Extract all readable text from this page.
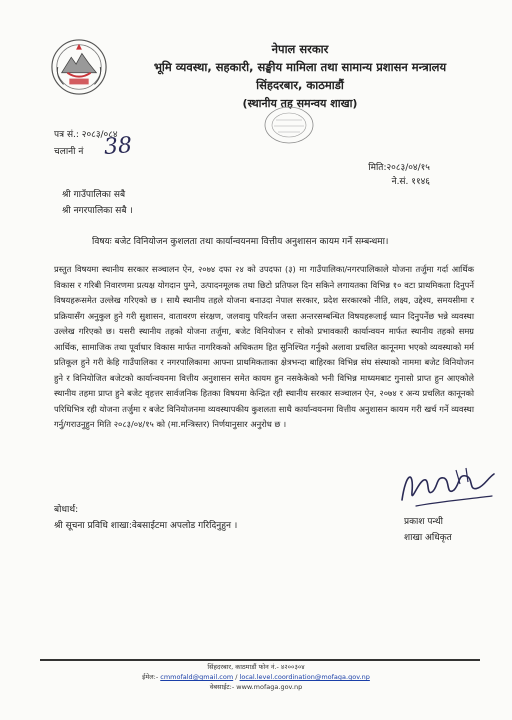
नेपाल सरकार
भूमि व्यवस्था, सहकारी, सङ्घीय मामिला तथा सामान्य प्रशासन मन्त्रालय
सिंहदरबार, काठमाडौं
(स्थानीय तह समन्वय शाखा)
पत्र सं.: २०८३/०८४
चलानी नं 38
मिति:२०८३/०४/१५
ने.सं. ११४६
श्री गाउँपालिका सबै
श्री नगरपालिका सबै ।
विषयः बजेट विनियोजन कुशलता तथा कार्यान्वयनमा वित्तीय अनुशासन कायम गर्ने सम्बन्धमा।

प्रस्तुत विषयमा स्थानीय सरकार सञ्चालन ऐन, २०७४ दफा २४ को उपदफा (३) मा गाउँपालिका/नगरपालिकाले योजना तर्जुमा गर्दा आर्थिक विकास र गरिबी निवारणमा प्रत्यक्ष योगदान पुग्ने, उत्पादनमूलक तथा छिटो प्रतिफल दिन सकिने लगायतका विभिन्न १० वटा प्राथमिकता दिनुपर्ने विषयहरूसमेत उल्लेख गरिएको छ । साथै स्थानीय तहले योजना बनाउदा नेपाल सरकार, प्रदेश सरकारको नीति, लक्ष्य, उद्देश्य, समयसीमा र प्रक्रियासँग अनुकुल हुने गरी सुशासन, वातावरण संरक्षण, जलवायु परिवर्तन जस्ता अन्तरसम्बन्धित विषयहरूलाई ध्यान दिनुपर्नेछ भन्ने व्यवस्था उल्लेख गरिएको छ। यसरी स्थानीय तहको योजना तर्जुमा, बजेट विनियोजन र सोको प्रभावकारी कार्यान्वयन मार्फत स्थानीय तहको समग्र आर्थिक, सामाजिक तथा पूर्वाधार विकास मार्फत नागरिकको अधिकतम हित सुनिश्चित गर्नुको अलावा प्रचलित कानूनमा भएको व्यवस्थाको मर्म प्रतिकूल हुने गरी केहि गाउँपालिका र नगरपालिकामा आफ्ना प्राथमिकताका क्षेत्रभन्दा बाहिरका विभिन्न संघ संस्थाको नाममा बजेट विनियोजन हुने र विनियोजित बजेटको कार्यान्वयनमा वित्तीय अनुशासन समेत कायम हुन नसकेकेको भनी विभिन्न माध्यमबाट गुनासो प्राप्त हुन आएकोले स्थानीय तहमा प्राप्त हुने बजेट वृहत्तर सार्वजनिक हितका विषयमा केन्द्रित रही स्थानीय सरकार सञ्चालन ऐन, २०७४ र अन्य प्रचलित कानूनको परिधिभित्र रही योजना तर्जुमा र बजेट विनियोजनमा व्यवस्थापकीय कुशलता साथै कार्यान्वयनमा वित्तीय अनुशासन कायम गरी खर्च गर्ने व्यवस्था गर्नु/गराउनुहुन मिति २०८३/०४/१५ को (मा.मन्त्रिस्तर) निर्णयानुसार अनुरोध छ ।

प्रकाश पन्थी
शाखा अधिकृत
बोधार्थ:
श्री सूचना प्रविधि शाखा:वेबसाईटमा अपलोड गरिदिनुहुन ।
सिंहदरबार, काठमाडौं फोन नं.- ४२००३०४
ईमेल:- cmmofald@gmail.com / local.level.coordination@mofaga.gov.np
वेबसाईट:- www.mofaga.gov.np
